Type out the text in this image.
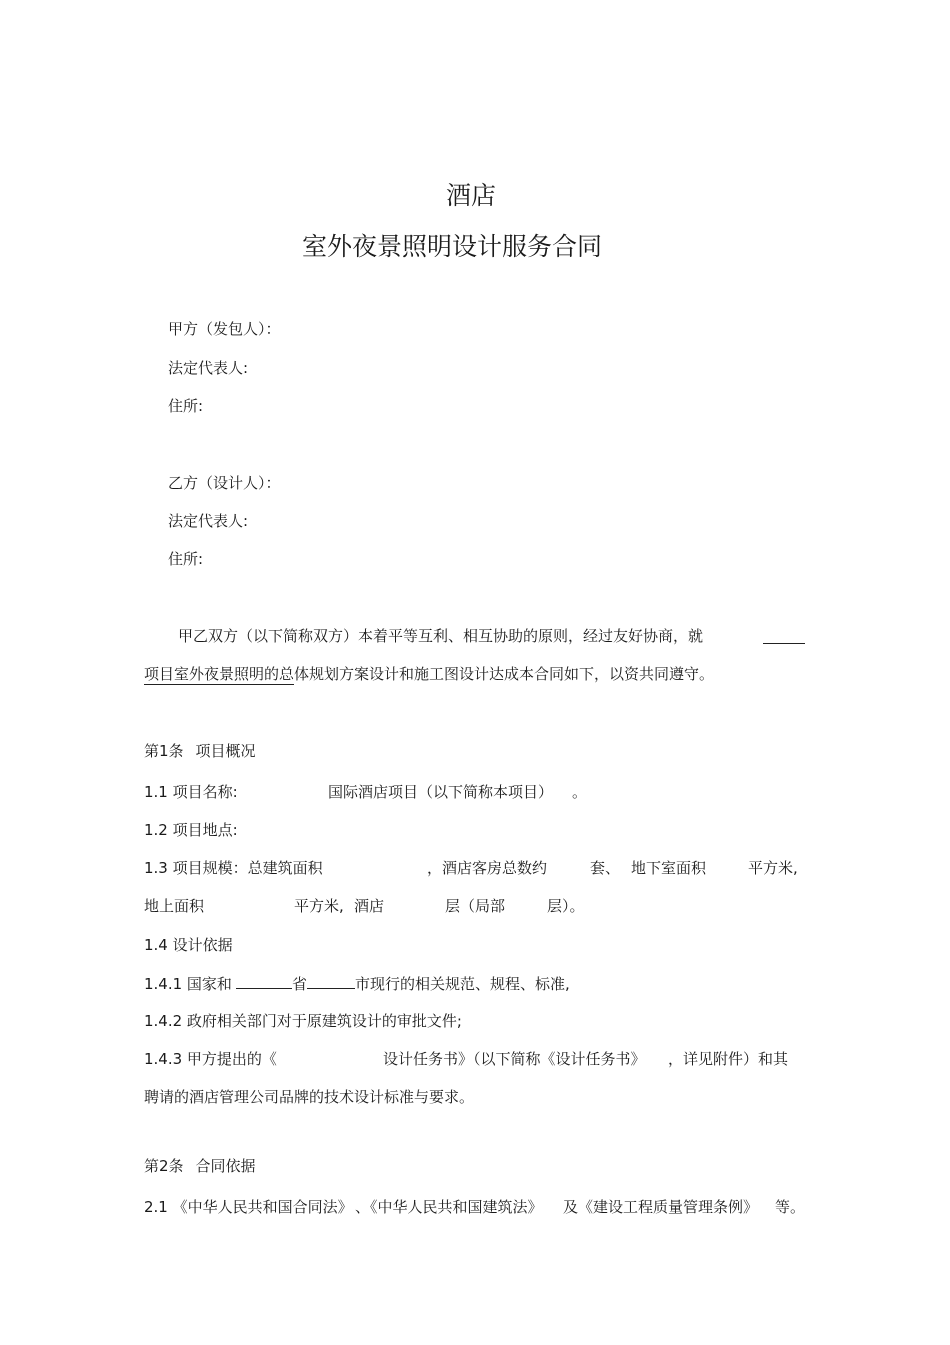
酒店
室外夜景照明设计服务合同
甲方（发包人）：
法定代表人:
住所:
乙方（设计人）：
法定代表人:
住所:
甲乙双方（以下简称双方）本着平等互利、相互协助的原则，经过友好协商，就
项目室外夜景照明的总体规划方案设计和施工图设计达成本合同如下，以资共同遵守。
第1条 项目概况
1.1 项目名称:	国际酒店项目（以下简称本项目） 。
1.2 项目地点:
1.3 项目规模：总建筑面积	，酒店客房总数约	套、 地下室面积	平方米,
地上面积	平方米, 酒店	层（局部	层）。
1.4 设计依据
1.4.1 国家和	省	市现行的相关规范、规程、标准,
1.4.2 政府相关部门对于原建筑设计的审批文件;
1.4.3 甲方提出的《	设计任务书》（以下简称《设计任务书》 ，详见附件）和其
聘请的酒店管理公司品牌的技术设计标准与要求。
第2条 合同依据
2.1 《中华人民共和国合同法》 、《中华人民共和国建筑法》 及《建设工程质量管理条例》 等。
